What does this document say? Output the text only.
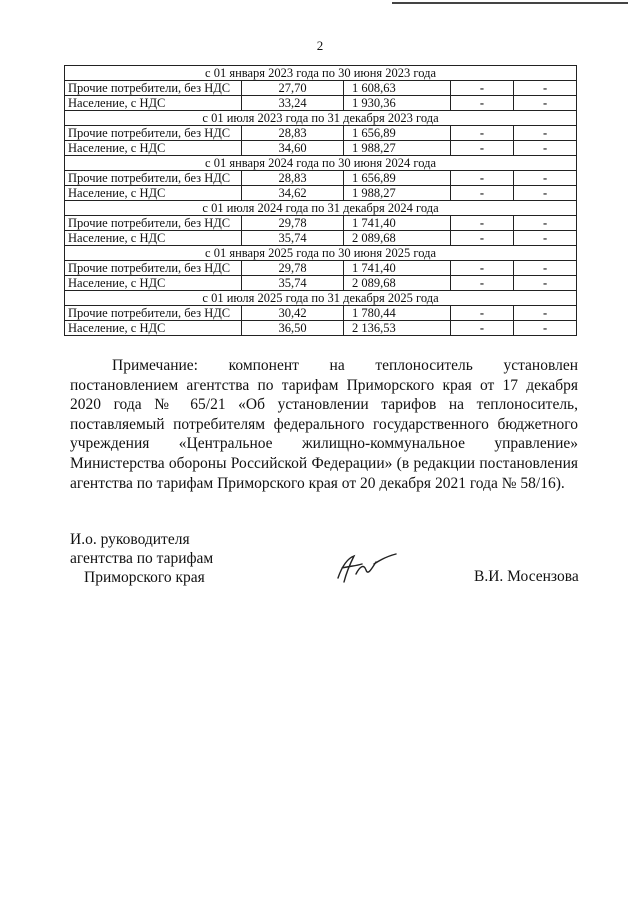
2
с 01 января 2023 года по 30 июня 2023 года				
Прочие потребители, без НДС	27,70	1 608,63	-	-
Население, с НДС	33,24	1 930,36	-	-
с 01 июля 2023 года по 31 декабря 2023 года				
Прочие потребители, без НДС	28,83	1 656,89	-	-
Население, с НДС	34,60	1 988,27	-	-
с 01 января 2024 года по 30 июня 2024 года				
Прочие потребители, без НДС	28,83	1 656,89	-	-
Население, с НДС	34,62	1 988,27	-	-
с 01 июля 2024 года по 31 декабря 2024 года				
Прочие потребители, без НДС	29,78	1 741,40	-	-
Население, с НДС	35,74	2 089,68	-	-
с 01 января 2025 года по 30 июня 2025 года				
Прочие потребители, без НДС	29,78	1 741,40	-	-
Население, с НДС	35,74	2 089,68	-	-
с 01 июля 2025 года по 31 декабря 2025 года				
Прочие потребители, без НДС	30,42	1 780,44	-	-
Население, с НДС	36,50	2 136,53	-	-
Примечание: компонент на теплоноситель установлен постановлением агентства по тарифам Приморского края от 17 декабря 2020 года № 65/21 «Об установлении тарифов на теплоноситель, поставляемый потребителям федерального государственного бюджетного учреждения «Центральное жилищно-коммунальное управление» Министерства обороны Российской Федерации» (в редакции постановления агентства по тарифам Приморского края от 20 декабря 2021 года № 58/16).
И.о. руководителя
агентства по тарифам
Приморского края	В.И. Мосензова
